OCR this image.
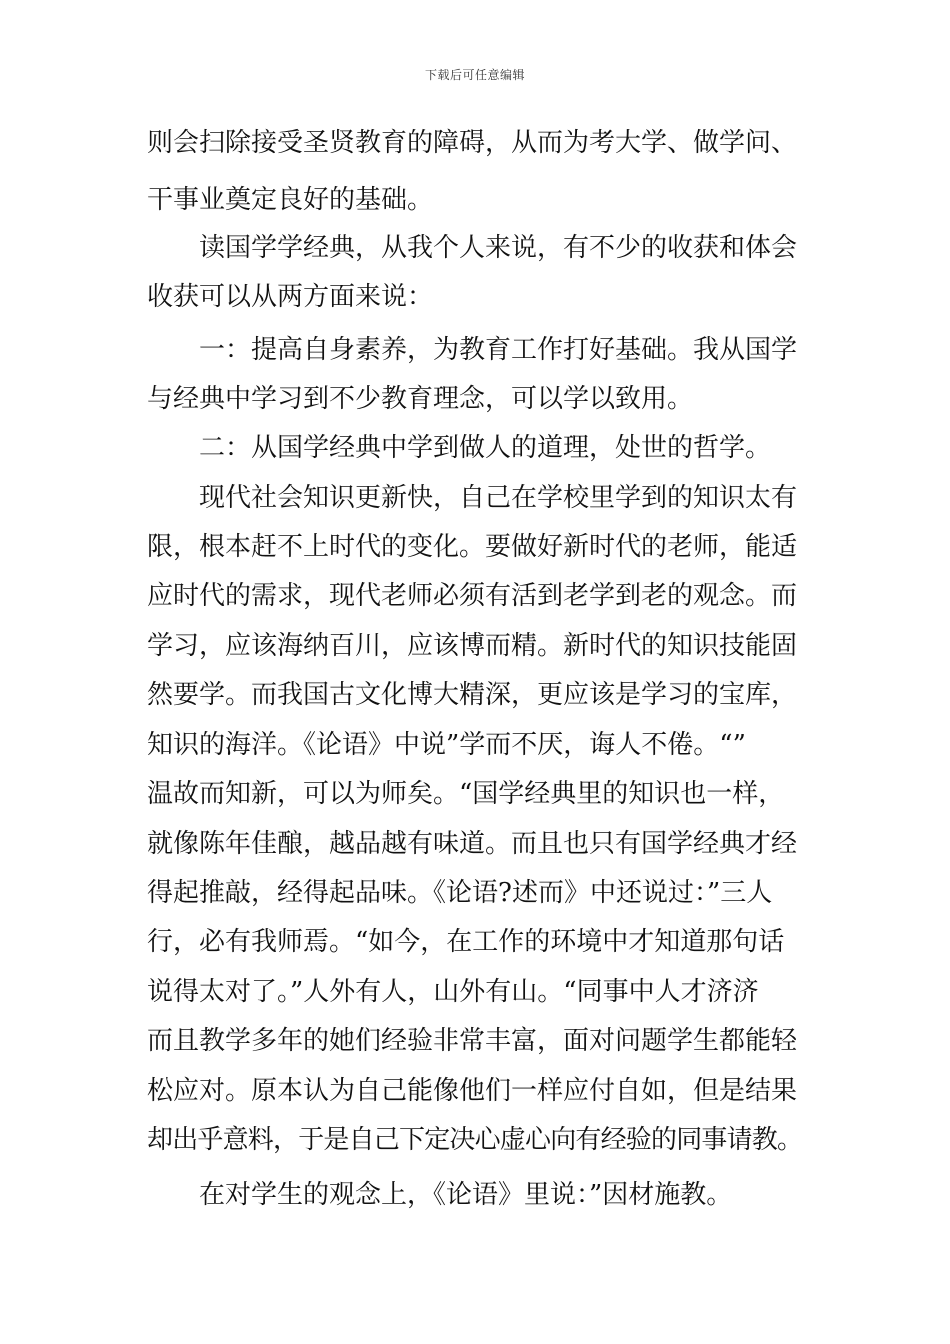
下载后可任意编辑
则会扫除接受圣贤教育的障碍，从而为考大学、做学问、
干事业奠定良好的基础。
读国学学经典，从我个人来说，有不少的收获和体会
收获可以从两方面来说：
一：提高自身素养，为教育工作打好基础。我从国学
与经典中学习到不少教育理念，可以学以致用。
二：从国学经典中学到做人的道理，处世的哲学。
现代社会知识更新快，自己在学校里学到的知识太有
限，根本赶不上时代的变化。要做好新时代的老师，能适
应时代的需求，现代老师必须有活到老学到老的观念。而
学习，应该海纳百川，应该博而精。新时代的知识技能固
然要学。而我国古文化博大精深，更应该是学习的宝库，
知识的海洋。《论语》中说”学而不厌，诲人不倦。“”
温故而知新，可以为师矣。“国学经典里的知识也一样，
就像陈年佳酿，越品越有味道。而且也只有国学经典才经
得起推敲，经得起品味。《论语?述而》中还说过：”三人
行，必有我师焉。“如今，在工作的环境中才知道那句话
说得太对了。”人外有人，山外有山。“同事中人才济济
而且教学多年的她们经验非常丰富，面对问题学生都能轻
松应对。原本认为自己能像他们一样应付自如，但是结果
却出乎意料，于是自己下定决心虚心向有经验的同事请教。
在对学生的观念上，《论语》里说：”因材施教。
